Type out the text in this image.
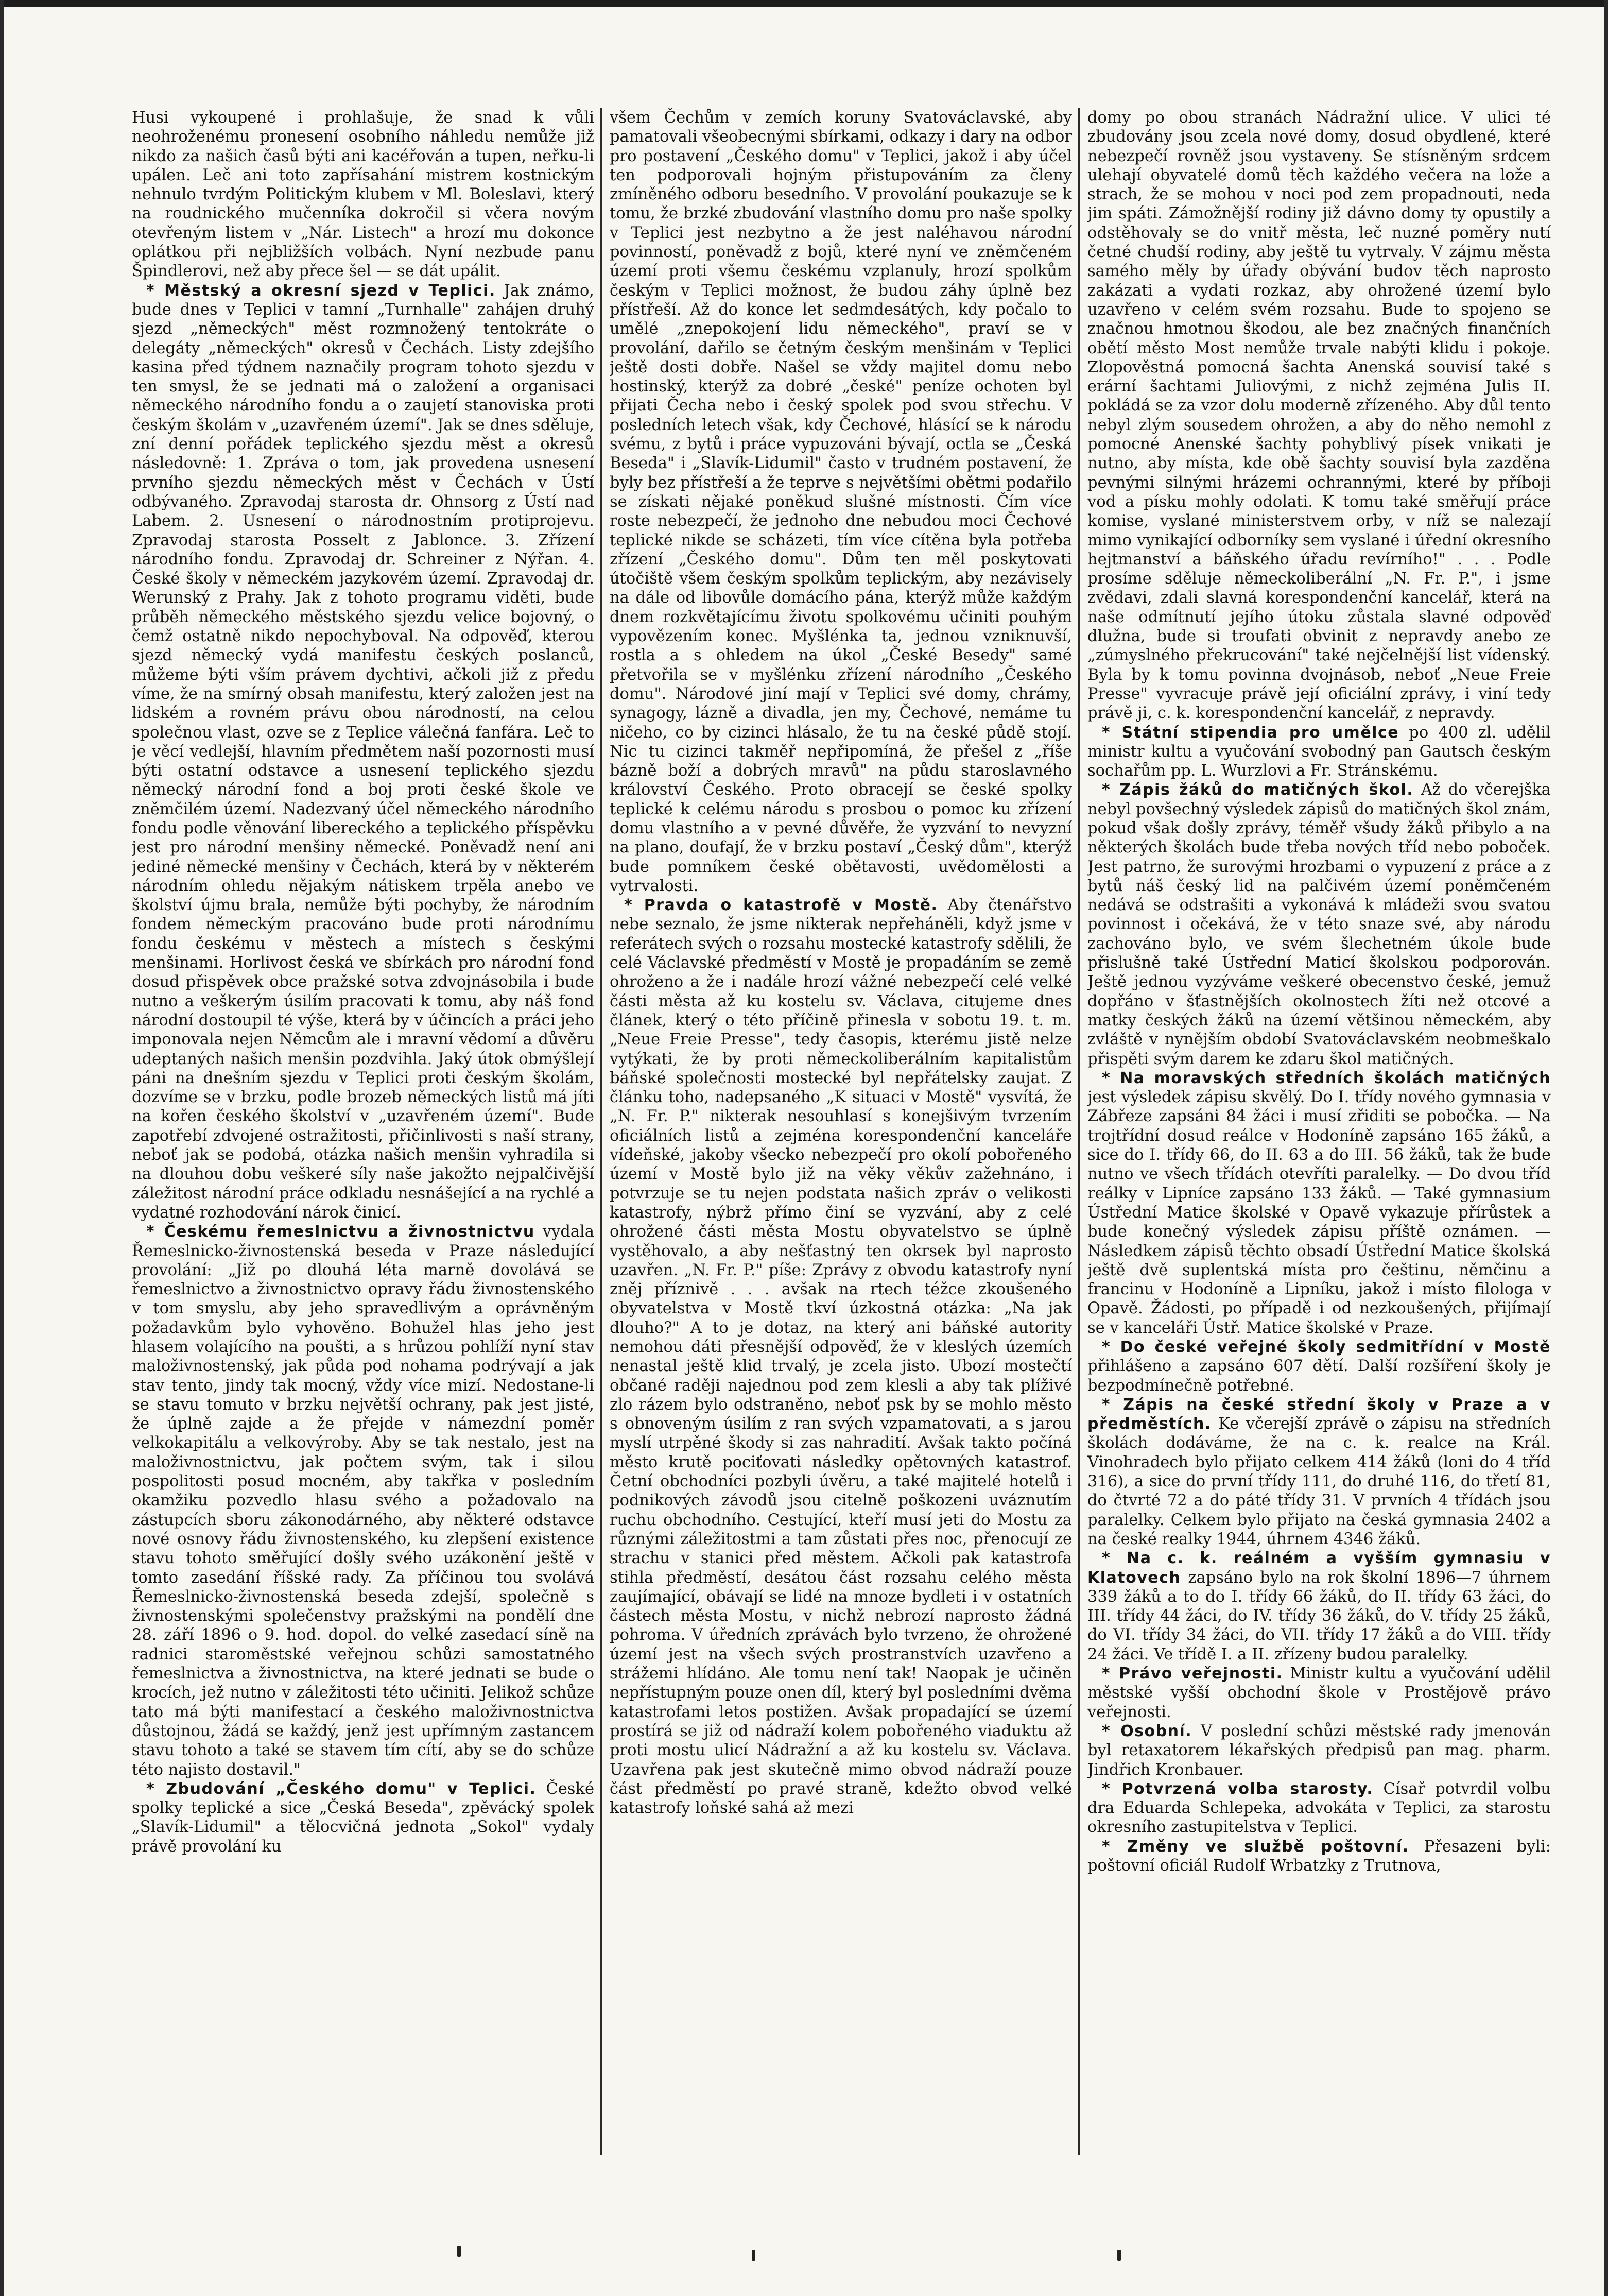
Husi vykoupené i prohlašuje, že snad k vůli neohroženému pronesení osobního náhledu nemůže již nikdo za našich časů býti ani kacéřován a tupen, neřku-li upálen. Leč ani toto zapřísahání mistrem kostnickým nehnulo tvrdým Politickým klubem v Ml. Boleslavi, který na roudnického mučenníka dokročil si včera novým otevřeným listem v „Nár. Listech" a hrozí mu dokonce oplátkou při nejbližších volbách. Nyní nezbude panu Špindlerovi, než aby přece šel — se dát upálit.

* Městský a okresní sjezd v Teplici. Jak známo, bude dnes v Teplici v tamní „Turnhalle" zahájen druhý sjezd „německých" měst rozmnožený tentokráte o delegáty „německých" okresů v Čechách. Listy zdejšího kasina před týdnem naznačily program tohoto sjezdu v ten smysl, že se jednati má o založení a organisaci německého národního fondu a o zaujetí stanoviska proti českým školám v „uzavřeném území". Jak se dnes sděluje, zní denní pořádek teplického sjezdu měst a okresů následovně: 1. Zpráva o tom, jak provedena usnesení prvního sjezdu německých měst v Čechách v Ústí odbývaného. Zpravodaj starosta dr. Ohnsorg z Ústí nad Labem. 2. Usnesení o národnostním protiprojevu. Zpravodaj starosta Posselt z Jablonce. 3. Zřízení národního fondu. Zpravodaj dr. Schreiner z Nýřan. 4. České školy v německém jazykovém území. Zpravodaj dr. Werunský z Prahy. Jak z tohoto programu viděti, bude průběh německého městského sjezdu velice bojovný, o čemž ostatně nikdo nepochyboval. Na odpověď, kterou sjezd německý vydá manifestu českých poslanců, můžeme býti vším právem dychtivi, ačkoli již z předu víme, že na smírný obsah manifestu, který založen jest na lidském a rovném právu obou národností, na celou společnou vlast, ozve se z Teplice válečná fanfára. Leč to je věcí vedlejší, hlavním předmětem naší pozornosti musí býti ostatní odstavce a usnesení teplického sjezdu německý národní fond a boj proti české škole ve zněmčilém území. Nadezvaný účel německého národního fondu podle věnování libereckého a teplického příspěvku jest pro národní menšiny německé. Poněvadž není ani jediné německé menšiny v Čechách, která by v některém národním ohledu nějakým nátiskem trpěla anebo ve školství újmu brala, nemůže býti pochyby, že národním fondem německým pracováno bude proti národnímu fondu českému v městech a místech s českými menšinami. Horlivost česká ve sbírkách pro národní fond dosud přispěvek obce pražské sotva zdvojnásobila i bude nutno a veškerým úsilím pracovati k tomu, aby náš fond národní dostoupil té výše, která by v účincích a práci jeho imponovala nejen Němcům ale i mravní vědomí a důvěru udeptaných našich menšin pozdvihla. Jaký útok obmýšlejí páni na dnešním sjezdu v Teplici proti českým školám, dozvíme se v brzku, podle brozeb německých listů má jíti na kořen českého školství v „uzavřeném území". Bude zapotřebí zdvojené ostražitosti, přičinlivosti s naší strany, neboť jak se podobá, otázka našich menšin vyhradila si na dlouhou dobu veškeré síly naše jakožto nejpalčivější záležitost národní práce odkladu nesnášející a na rychlé a vydatné rozhodování nárok činicí.

* Českému řemeslnictvu a živnostnictvu vydala Řemeslnicko-živnostenská beseda v Praze následující provolání: „Již po dlouhá léta marně dovolává se řemeslnictvo a živnostnictvo opravy řádu živnostenského v tom smyslu, aby jeho spravedlivým a oprávněným požadavkům bylo vyhověno. Bohužel hlas jeho jest hlasem volajícího na poušti, a s hrůzou pohlíží nyní stav maloživnostenský, jak půda pod nohama podrývají a jak stav tento, jindy tak mocný, vždy více mizí. Nedostane-li se stavu tomuto v brzku největší ochrany, pak jest jisté, že úplně zajde a že přejde v námezdní poměr velkokapitálu a velkovýroby. Aby se tak nestalo, jest na maloživnostnictvu, jak počtem svým, tak i silou pospolitosti posud mocném, aby takřka v posledním okamžiku pozvedlo hlasu svého a požadovalo na zástupcích sboru zákonodárného, aby některé odstavce nové osnovy řádu živnostenského, ku zlepšení existence stavu tohoto směřující došly svého uzákonění ještě v tomto zasedání říšské rady. Za příčinou tou svolává Řemeslnicko-živnostenská beseda zdejší, společně s živnostenskými společenstvy pražskými na pondělí dne 28. září 1896 o 9. hod. dopol. do velké zasedací síně na radnici staroměstské veřejnou schůzi samostatného řemeslnictva a živnostnictva, na které jednati se bude o krocích, jež nutno v záležitosti této učiniti. Jelikož schůze tato má býti manifestací a českého maloživnostnictva důstojnou, žádá se každý, jenž jest upřímným zastancem stavu tohoto a také se stavem tím cítí, aby se do schůze této najisto dostavil."

* Zbudování „Českého domu" v Teplici. České spolky teplické a sice „Česká Beseda", zpěvácký spolek „Slavík-Lidumil" a tělocvičná jednota „Sokol" vydaly právě provolání ku

všem Čechům v zemích koruny Svatováclavské, aby pamatovali všeobecnými sbírkami, odkazy i dary na odbor pro postavení „Českého domu" v Teplici, jakož i aby účel ten podporovali hojným přistupováním za členy zmíněného odboru besedního. V provolání poukazuje se k tomu, že brzké zbudování vlastního domu pro naše spolky v Teplici jest nezbytno a že jest naléhavou národní povinností, poněvadž z bojů, které nyní ve zněmčeném území proti všemu českému vzplanuly, hrozí spolkům českým v Teplici možnost, že budou záhy úplně bez přístřeší. Až do konce let sedmdesátých, kdy počalo to umělé „znepokojení lidu německého", praví se v provolání, dařilo se četným českým menšinám v Teplici ještě dosti dobře. Našel se vždy majitel domu nebo hostinský, kterýž za dobré „české" peníze ochoten byl přijati Čecha nebo i český spolek pod svou střechu. V posledních letech však, kdy Čechové, hlásící se k národu svému, z bytů i práce vypuzováni bývají, octla se „Česká Beseda" i „Slavík-Lidumil" často v trudném postavení, že byly bez přístřeší a že teprve s největšími obětmi podařilo se získati nějaké poněkud slušné místnosti. Čím více roste nebezpečí, že jednoho dne nebudou moci Čechové teplické nikde se scházeti, tím více cítěna byla potřeba zřízení „Českého domu". Dům ten měl poskytovati útočiště všem českým spolkům teplickým, aby nezávisely na dále od libovůle domácího pána, kterýž může každým dnem rozkvětajícímu životu spolkovému učiniti pouhým vypovězením konec. Myšlénka ta, jednou vzniknuvší, rostla a s ohledem na úkol „České Besedy" samé přetvořila se v myšlénku zřízení národního „Českého domu". Národové jiní mají v Teplici své domy, chrámy, synagogy, lázně a divadla, jen my, Čechové, nemáme tu ničeho, co by cizinci hlásalo, že tu na české půdě stojí. Nic tu cizinci takměř nepřipomíná, že přešel z „říše bázně boží a dobrých mravů" na půdu staroslavného království Českého. Proto obracejí se české spolky teplické k celému národu s prosbou o pomoc ku zřízení domu vlastního a v pevné důvěře, že vyzvání to nevyzní na plano, doufají, že v brzku postaví „Český dům", kterýž bude pomníkem české obětavosti, uvědomělosti a vytrvalosti.

* Pravda o katastrofě v Mostě. Aby čtenářstvo nebe seznalo, že jsme nikterak nepřeháněli, když jsme v referátech svých o rozsahu mostecké katastrofy sdělili, že celé Václavské předměstí v Mostě je propadáním se země ohroženo a že i nadále hrozí vážné nebezpečí celé velké části města až ku kostelu sv. Václava, citujeme dnes článek, který o této příčině přinesla v sobotu 19. t. m. „Neue Freie Presse", tedy časopis, kterému jistě nelze vytýkati, že by proti německoliberálním kapitalistům báňské společnosti mostecké byl nepřátelsky zaujat. Z článku toho, nadepsaného „K situaci v Mostě" vysvítá, že „N. Fr. P." nikterak nesouhlasí s konejšivým tvrzením oficiálních listů a zejména korespondenční kanceláře vídeňské, jakoby všecko nebezpečí pro okolí pobořeného území v Mostě bylo již na věky věkův zažehnáno, i potvrzuje se tu nejen podstata našich zpráv o velikosti katastrofy, nýbrž přímo činí se vyzvání, aby z celé ohrožené části města Mostu obyvatelstvo se úplně vystěhovalo, a aby nešťastný ten okrsek byl naprosto uzavřen. „N. Fr. P." píše: Zprávy z obvodu katastrofy nyní zněj příznivě . . . avšak na rtech téžce zkoušeného obyvatelstva v Mostě tkví úzkostná otázka: „Na jak dlouho?" A to je dotaz, na který ani báňské autority nemohou dáti přesnější odpověď, že v kleslých územích nenastal ještě klid trvalý, je zcela jisto. Ubozí mostečtí občané raději najednou pod zem klesli a aby tak plíživé zlo rázem bylo odstraněno, neboť psk by se mohlo město s obnoveným úsilím z ran svých vzpamatovati, a s jarou myslí utrpěné škody si zas nahradití. Avšak takto počíná město krutě pociťovati následky opětovných katastrof. Četní obchodníci pozbyli úvěru, a také majitelé hotelů i podnikových závodů jsou citelně poškozeni uváznutím ruchu obchodního. Cestující, kteří musí jeti do Mostu za různými záležitostmi a tam zůstati přes noc, přenocují ze strachu v stanici před městem. Ačkoli pak katastrofa stihla předměstí, desátou část rozsahu celého města zaujímající, obávají se lidé na mnoze bydleti i v ostatních částech města Mostu, v nichž nebrozí naprosto žádná pohroma. V úředních zprávách bylo tvrzeno, že ohrožené území jest na všech svých prostranstvích uzavřeno a strážemi hlídáno. Ale tomu není tak! Naopak je učiněn nepřístupným pouze onen díl, který byl posledními dvěma katastrofami letos postižen. Avšak propadající se území prostírá se již od nádraží kolem pobořeného viaduktu až proti mostu ulicí Nádražní a až ku kostelu sv. Václava. Uzavřena pak jest skutečně mimo obvod nádraží pouze část předměstí po pravé straně, kdežto obvod velké katastrofy loňské sahá až mezi

domy po obou stranách Nádražní ulice. V ulici té zbudovány jsou zcela nové domy, dosud obydlené, které nebezpečí rovněž jsou vystaveny. Se stísněným srdcem ulehají obyvatelé domů těch každého večera na lože a strach, že se mohou v noci pod zem propadnouti, neda jim spáti. Zámožnější rodiny již dávno domy ty opustily a odstěhovaly se do vnitř města, leč nuzné poměry nutí četné chudší rodiny, aby ještě tu vytrvaly. V zájmu města samého měly by úřady obývání budov těch naprosto zakázati a vydati rozkaz, aby ohrožené území bylo uzavřeno v celém svém rozsahu. Bude to spojeno se značnou hmotnou škodou, ale bez značných finančních obětí město Most nemůže trvale nabýti klidu i pokoje. Zlopověstná pomocná šachta Anenská souvisí také s erární šachtami Juliovými, z nichž zejména Julis II. pokládá se za vzor dolu moderně zřízeného. Aby důl tento nebyl zlým sousedem ohrožen, a aby do něho nemohl z pomocné Anenské šachty pohyblivý písek vnikati je nutno, aby místa, kde obě šachty souvisí byla zazděna pevnými silnými hrázemi ochrannými, které by příboji vod a písku mohly odolati. K tomu také směřují práce komise, vyslané ministerstvem orby, v níž se nalezají mimo vynikající odborníky sem vyslané i úřední okresního hejtmanství a báňského úřadu revírního!" . . . Podle prosíme sděluje německoliberální „N. Fr. P.", i jsme zvědavi, zdali slavná korespondenční kancelář, která na naše odmítnutí jejího útoku zůstala slavné odpověď dlužna, bude si troufati obvinit z nepravdy anebo ze „zúmyslného překrucování" také nejčelnější list vídenský. Byla by k tomu povinna dvojnásob, neboť „Neue Freie Presse" vyvracuje právě její oficiální zprávy, i viní tedy právě ji, c. k. korespondenční kancelář, z nepravdy.

* Státní stipendia pro umělce po 400 zl. udělil ministr kultu a vyučování svobodný pan Gautsch českým sochařům pp. L. Wurzlovi a Fr. Stránskému.

* Zápis žáků do matičných škol. Až do včerejška nebyl povšechný výsledek zápisů do matičných škol znám, pokud však došly zprávy, téměř všudy žáků přibylo a na některých školách bude třeba nových tříd nebo poboček. Jest patrno, že surovými hrozbami o vypuzení z práce a z bytů náš český lid na palčivém území poněmčeném nedává se odstrašiti a vykonává k mládeži svou svatou povinnost i očekává, že v této snaze své, aby národu zachováno bylo, ve svém šlechetném úkole bude přislušně také Ústřední Maticí školskou podporován. Ještě jednou vyzýváme veškeré obecenstvo české, jemuž dopřáno v šťastnějších okolnostech žíti než otcové a matky českých žáků na území většinou německém, aby zvláště v nynějším období Svatováclavském neobmeškalo přispěti svým darem ke zdaru škol matičných.

* Na moravských středních školách matičných jest výsledek zápisu skvělý. Do I. třídy nového gymnasia v Zábřeze zapsáni 84 žáci i musí zřiditi se pobočka. — Na trojtřídní dosud reálce v Hodoníně zapsáno 165 žáků, a sice do I. třídy 66, do II. 63 a do III. 56 žáků, tak že bude nutno ve všech třídách otevříti paralelky. — Do dvou tříd reálky v Lipníce zapsáno 133 žáků. — Také gymnasium Ústřední Matice školské v Opavě vykazuje přírůstek a bude konečný výsledek zápisu příště oznámen. — Následkem zápisů těchto obsadí Ústřední Matice školská ještě dvě suplentská místa pro češtinu, němčinu a francinu v Hodoníně a Lipníku, jakož i místo filologa v Opavě. Žádosti, po případě i od nezkoušených, přijímají se v kanceláři Ústř. Matice školské v Praze.

* Do české veřejné školy sedmitřídní v Mostě přihlášeno a zapsáno 607 dětí. Další rozšíření školy je bezpodmínečně potřebné.

* Zápis na české střední školy v Praze a v předměstích. Ke včerejší zprávě o zápisu na středních školách dodáváme, že na c. k. realce na Král. Vinohradech bylo přijato celkem 414 žáků (loni do 4 tříd 316), a sice do první třídy 111, do druhé 116, do třetí 81, do čtvrté 72 a do páté třídy 31. V prvních 4 třídách jsou paralelky. Celkem bylo přijato na česká gymnasia 2402 a na české realky 1944, úhrnem 4346 žáků.

* Na c. k. reálném a vyšším gymnasiu v Klatovech zapsáno bylo na rok školní 1896—7 úhrnem 339 žáků a to do I. třídy 66 žáků, do II. třídy 63 žáci, do III. třídy 44 žáci, do IV. třídy 36 žáků, do V. třídy 25 žáků, do VI. třídy 34 žáci, do VII. třídy 17 žáků a do VIII. třídy 24 žáci. Ve třídě I. a II. zřízeny budou paralelky.

* Právo veřejnosti. Ministr kultu a vyučování udělil městské vyšší obchodní škole v Prostějově právo veřejnosti.

* Osobní. V poslední schůzi městské rady jmenován byl retaxatorem lékařských předpisů pan mag. pharm. Jindřich Kronbauer.

* Potvrzená volba starosty. Císař potvrdil volbu dra Eduarda Schlepeka, advokáta v Teplici, za starostu okresního zastupitelstva v Teplici.

* Změny ve službě poštovní. Přesazeni byli: poštovní oficiál Rudolf Wrbatzky z Trutnova,
